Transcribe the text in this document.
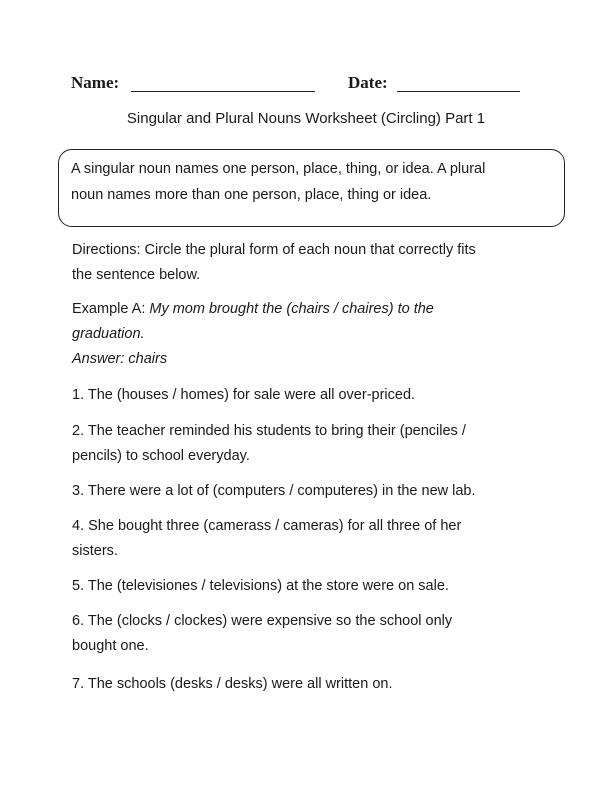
Name:	Date:
Singular and Plural Nouns Worksheet (Circling) Part 1

A singular noun names one person, place, thing, or idea. A plural

noun names more than one person, place, thing or idea.

Directions: Circle the plural form of each noun that correctly fits

the sentence below.

Example A: My mom brought the (chairs / chaires) to the

graduation.

Answer: chairs

1. The (houses / homes) for sale were all over-priced.

2. The teacher reminded his students to bring their (penciles /

pencils) to school everyday.

3. There were a lot of (computers / computeres) in the new lab.

4. She bought three (camerass / cameras) for all three of her

sisters.

5. The (televisiones / televisions) at the store were on sale.

6. The (clocks / clockes) were expensive so the school only

bought one.

7. The schools (desks / desks) were all written on.
